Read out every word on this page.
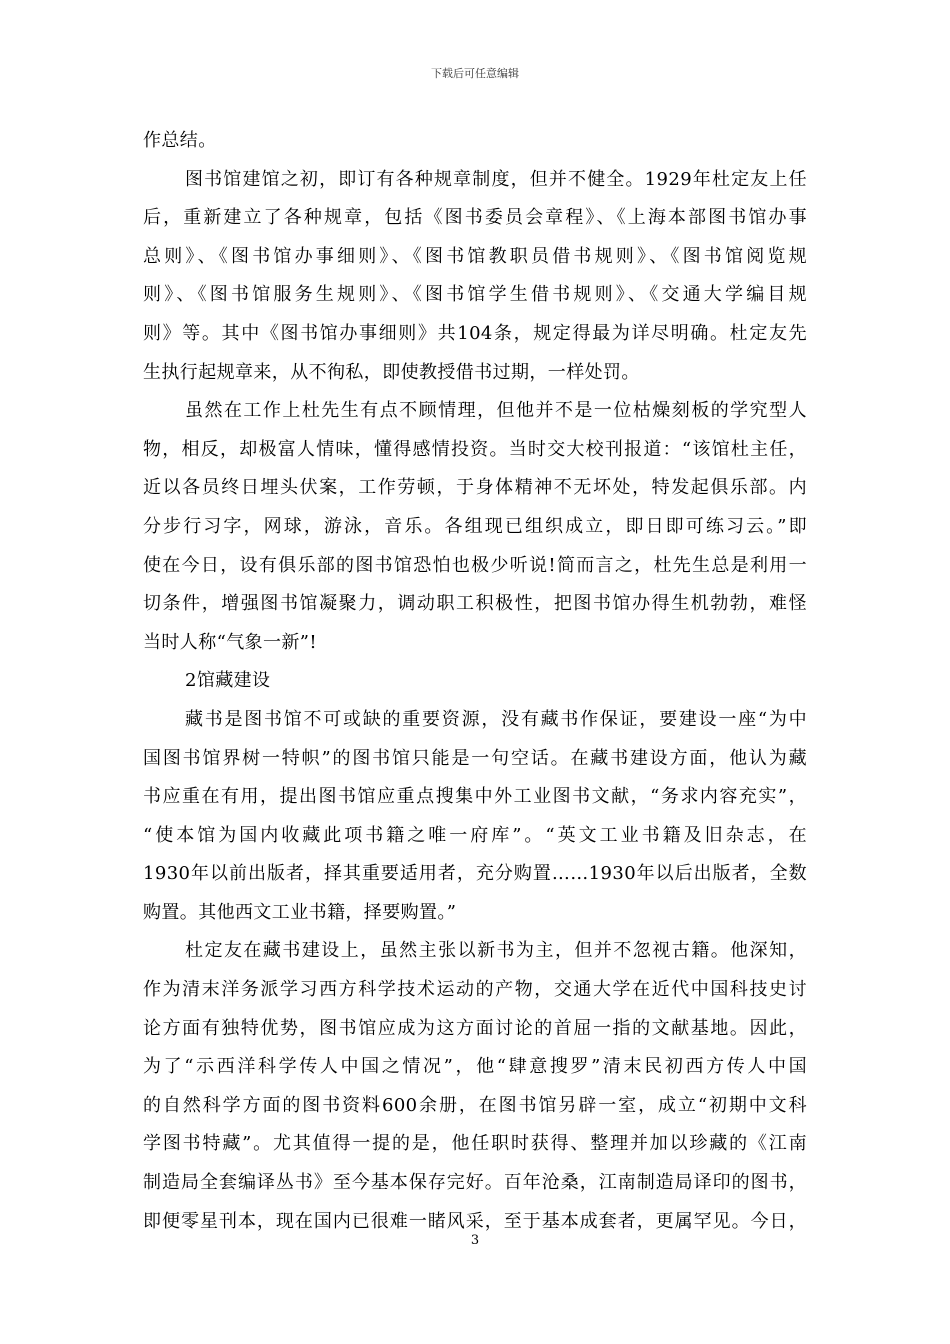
下载后可任意编辑
作总结。
图书馆建馆之初，即订有各种规章制度，但并不健全。1929年杜定友上任
后，重新建立了各种规章，包括《图书委员会章程》、《上海本部图书馆办事
总则》、《图书馆办事细则》、《图书馆教职员借书规则》、《图书馆阅览规
则》、《图书馆服务生规则》、《图书馆学生借书规则》、《交通大学编目规
则》等。其中《图书馆办事细则》共104条，规定得最为详尽明确。杜定友先
生执行起规章来，从不徇私，即使教授借书过期，一样处罚。
虽然在工作上杜先生有点不顾情理，但他并不是一位枯燥刻板的学究型人
物，相反，却极富人情味，懂得感情投资。当时交大校刊报道：“该馆杜主任，
近以各员终日埋头伏案，工作劳顿，于身体精神不无坏处，特发起俱乐部。内
分步行习字，网球，游泳，音乐。各组现已组织成立，即日即可练习云。”即
使在今日，设有俱乐部的图书馆恐怕也极少听说!简而言之，杜先生总是利用一
切条件，增强图书馆凝聚力，调动职工积极性，把图书馆办得生机勃勃，难怪
当时人称“气象一新”!
2馆藏建设
藏书是图书馆不可或缺的重要资源，没有藏书作保证，要建设一座“为中
国图书馆界树一特帜”的图书馆只能是一句空话。在藏书建设方面，他认为藏
书应重在有用，提出图书馆应重点搜集中外工业图书文献，“务求内容充实”，
“使本馆为国内收藏此项书籍之唯一府库”。“英文工业书籍及旧杂志，在
1930年以前出版者，择其重要适用者，充分购置……1930年以后出版者，全数
购置。其他西文工业书籍，择要购置。”
杜定友在藏书建设上，虽然主张以新书为主，但并不忽视古籍。他深知，
作为清末洋务派学习西方科学技术运动的产物，交通大学在近代中国科技史讨
论方面有独特优势，图书馆应成为这方面讨论的首屈一指的文献基地。因此，
为了“示西洋科学传人中国之情况”，他“肆意搜罗”清末民初西方传人中国
的自然科学方面的图书资料600余册，在图书馆另辟一室，成立“初期中文科
学图书特藏”。尤其值得一提的是，他任职时获得、整理并加以珍藏的《江南
制造局全套编译丛书》至今基本保存完好。百年沧桑，江南制造局译印的图书，
即便零星刊本，现在国内已很难一睹风采，至于基本成套者，更属罕见。今日，
3
